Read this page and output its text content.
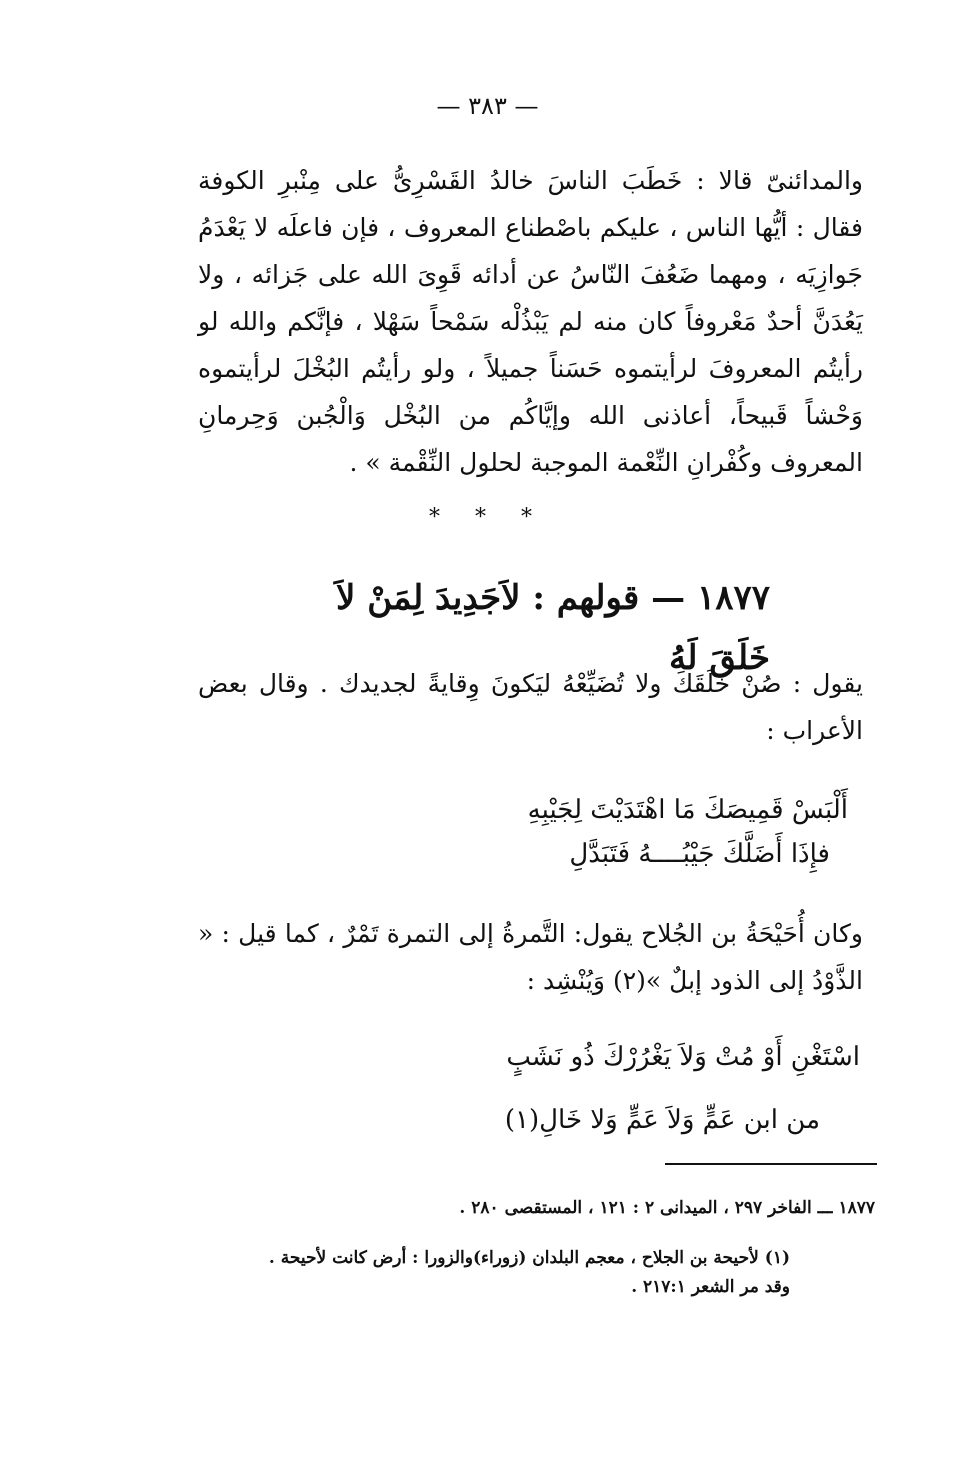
— ٣٨٣ —

والمدائنىّ قالا : خَطَبَ الناسَ خالدُ القَسْرِىُّ على مِنْبرِ الكوفة فقال : أيُّها الناس ، عليكم باصْطناع المعروف ، فإن فاعلَه لا يَعْدَمُ جَوازِيَه ، ومهما ضَعُفَ النّاسُ عن أدائه قَوِىَ الله على جَزائه ، ولا يَعُدَنَّ أحدٌ مَعْروفاً كان منه لم يَبْذُلْه سَمْحاً سَهْلا ، فإنَّكم والله لو رأيتُم المعروفَ لرأيتموه حَسَناً جميلاً ، ولو رأيتُم البُخْلَ لرأيتموه وَحْشاً قَبيحاً، أعاذنى الله وإيَّاكُم من البُخْل وَالْجُبن وَحِرمانِ المعروف وكُفْرانِ النِّعْمة الموجبة لحلول النِّقْمة » .

* * *
١٨٧٧ — قولهم : لاَجَدِيدَ لِمَنْ لاَ خَلَقَ لَهُ

يقول : صُنْ خَلَقَكَ ولا تُضَيِّعْهُ ليَكونَ وِقايةً لجديدك . وقال بعض الأعراب :

أَلْبَسْ قَمِيصَكَ مَا اهْتَدَيْتَ لِجَيْبِهِ
فإِذَا أَضَلَّكَ جَيْبُــــهُ فَتَبَدَّلِ

وكان أُحَيْحَةُ بن الجُلاح يقول: التَّمرةُ إلى التمرة تَمْرٌ ، كما قيل : « الذَّوْدُ إلى الذود إبلٌ »(٢) وَيُنْشِد :

اسْتَغْنِ أَوْ مُتْ وَلاَ يَغْرُرْكَ ذُو نَشَبٍ
من ابن عَمٍّ وَلاَ عَمٍّ وَلا خَالِ(١)
١٨٧٧ ـــ الفاخر ٢٩٧ ، الميدانى ٢ : ١٢١ ، المستقصى ٢٨٠ .
(١) لأحيحة بن الجلاح ، معجم البلدان (زوراء)والزورا : أرض كانت لأحيحة .
وقد مر الشعر ٢١٧:١ .
